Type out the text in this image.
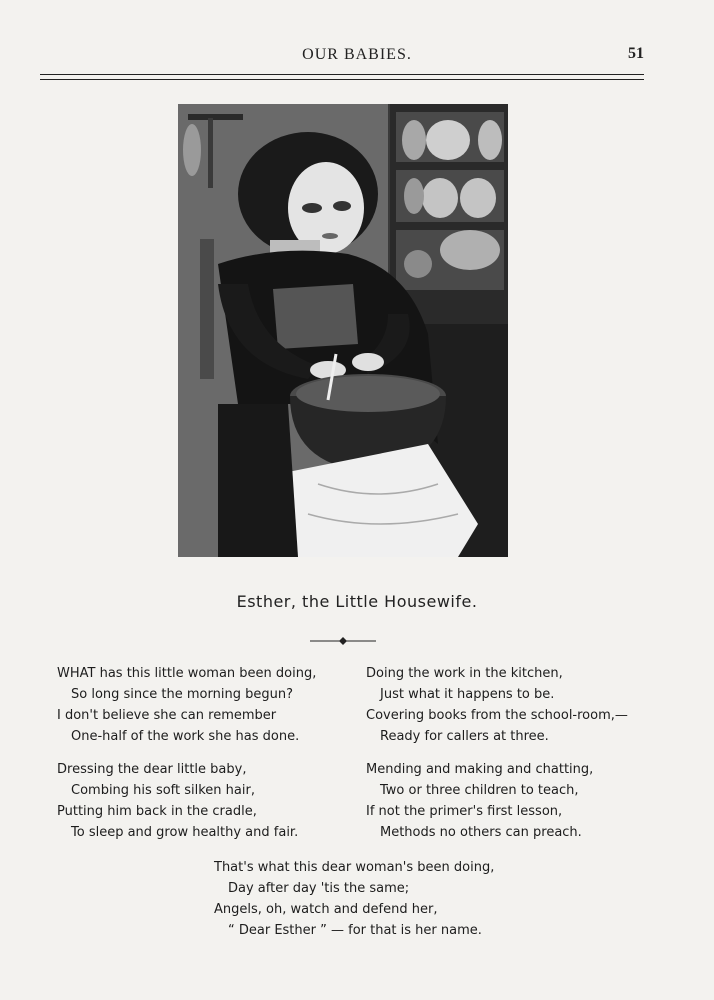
OUR BABIES.	51
Esther, the Little Housewife.
WHAT has this little woman been doing,
So long since the morning begun?
I don't believe she can remember
One-half of the work she has done.
Dressing the dear little baby,
Combing his soft silken hair,
Putting him back in the cradle,
To sleep and grow healthy and fair.
Doing the work in the kitchen,
Just what it happens to be.
Covering books from the school-room,—
Ready for callers at three.
Mending and making and chatting,
Two or three children to teach,
If not the primer's first lesson,
Methods no others can preach.
That's what this dear woman's been doing,
Day after day 'tis the same;
Angels, oh, watch and defend her,
“ Dear Esther ” — for that is her name.
